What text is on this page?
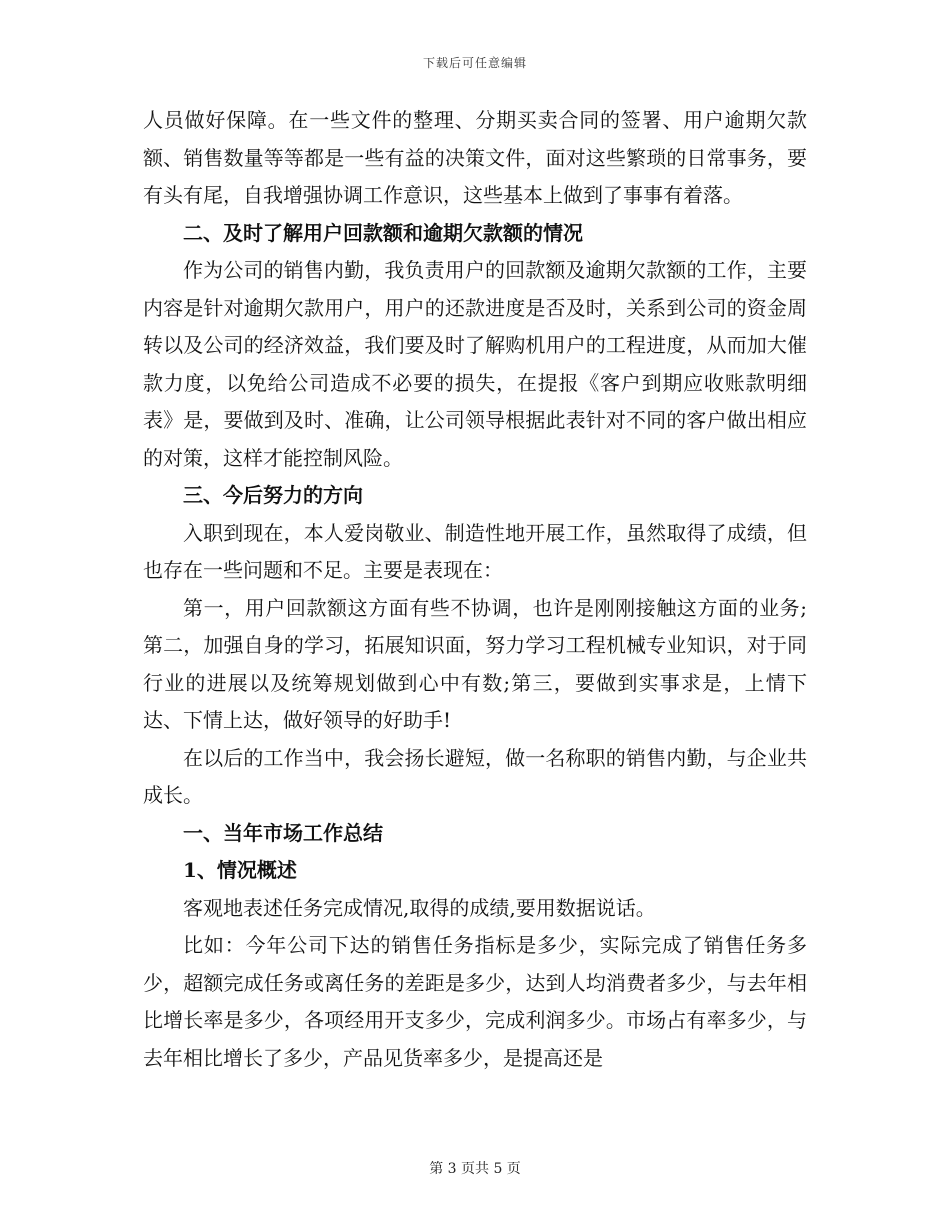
下载后可任意编辑

人员做好保障。在一些文件的整理、分期买卖合同的签署、用户逾期欠款额、销售数量等等都是一些有益的决策文件，面对这些繁琐的日常事务，要有头有尾，自我增强协调工作意识，这些基本上做到了事事有着落。

二、及时了解用户回款额和逾期欠款额的情况

作为公司的销售内勤，我负责用户的回款额及逾期欠款额的工作，主要内容是针对逾期欠款用户，用户的还款进度是否及时，关系到公司的资金周转以及公司的经济效益，我们要及时了解购机用户的工程进度，从而加大催款力度，以免给公司造成不必要的损失，在提报《客户到期应收账款明细表》是，要做到及时、准确，让公司领导根据此表针对不同的客户做出相应的对策，这样才能控制风险。

三、今后努力的方向

入职到现在，本人爱岗敬业、制造性地开展工作，虽然取得了成绩，但也存在一些问题和不足。主要是表现在：

第一，用户回款额这方面有些不协调，也许是刚刚接触这方面的业务;第二，加强自身的学习，拓展知识面，努力学习工程机械专业知识，对于同行业的进展以及统筹规划做到心中有数;第三，要做到实事求是，上情下达、下情上达，做好领导的好助手!

在以后的工作当中，我会扬长避短，做一名称职的销售内勤，与企业共成长。

一、当年市场工作总结

1、情况概述

客观地表述任务完成情况,取得的成绩,要用数据说话。

比如：今年公司下达的销售任务指标是多少，实际完成了销售任务多少，超额完成任务或离任务的差距是多少，达到人均消费者多少，与去年相比增长率是多少，各项经用开支多少，完成利润多少。市场占有率多少，与去年相比增长了多少，产品见货率多少，是提高还是

第 3 页共 5 页
